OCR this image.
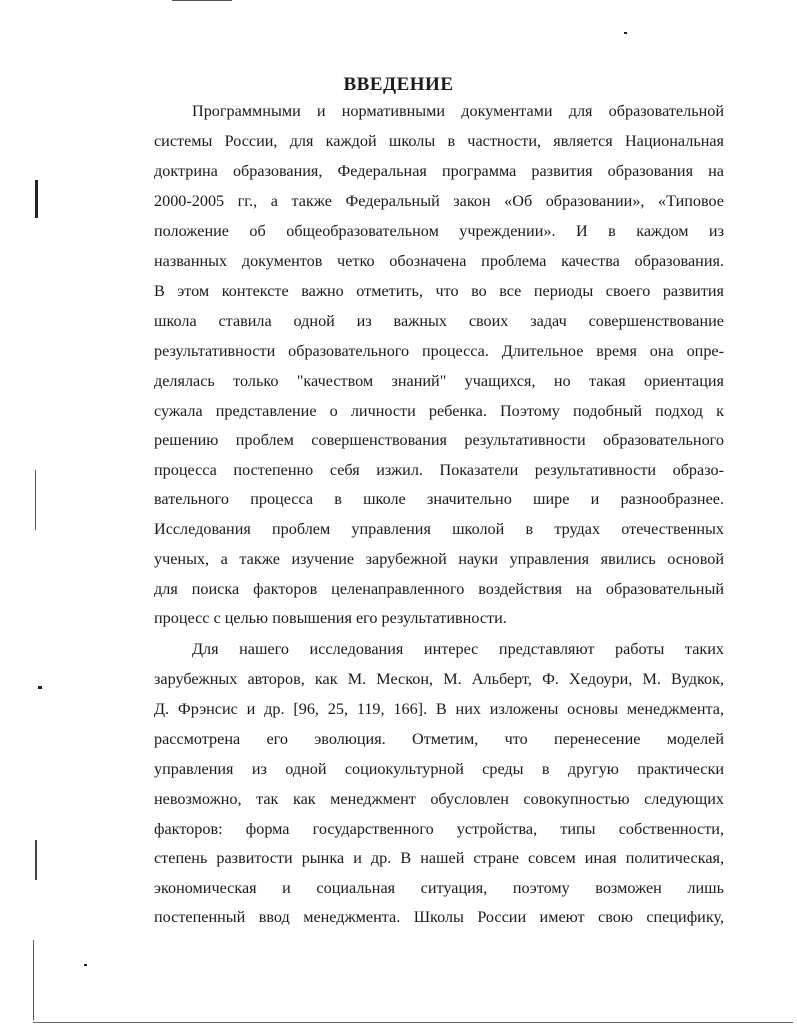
ВВЕДЕНИЕ
Программными и нормативными документами для образовательной
системы России, для каждой школы в частности, является Национальная
доктрина образования, Федеральная программа развития образования на
2000-2005 гг., а также Федеральный закон «Об образовании», «Типовое
положение об общеобразовательном учреждении». И в каждом из
названных документов четко обозначена проблема качества образования.
В этом контексте важно отметить, что во все периоды своего развития
школа ставила одной из важных своих задач совершенствование
результативности образовательного процесса. Длительное время она опре-
делялась только "качеством знаний" учащихся, но такая ориентация
сужала представление о личности ребенка. Поэтому подобный подход к
решению проблем совершенствования результативности образовательного
процесса постепенно себя изжил. Показатели результативности образо-
вательного процесса в школе значительно шире и разнообразнее.
Исследования проблем управления школой в трудах отечественных
ученых, а также изучение зарубежной науки управления явились основой
для поиска факторов целенаправленного воздействия на образовательный
процесс с целью повышения его результативности.
Для нашего исследования интерес представляют работы таких
зарубежных авторов, как М. Мескон, М. Альберт, Ф. Хедоури, М. Вудкок,
Д. Фрэнсис и др. [96, 25, 119, 166]. В них изложены основы менеджмента,
рассмотрена его эволюция. Отметим, что перенесение моделей
управления из одной социокультурной среды в другую практически
невозможно, так как менеджмент обусловлен совокупностью следующих
факторов: форма государственного устройства, типы собственности,
степень развитости рынка и др. В нашей стране совсем иная политическая,
экономическая и социальная ситуация, поэтому возможен лишь
постепенный ввод менеджмента. Школы России имеют свою специфику,
